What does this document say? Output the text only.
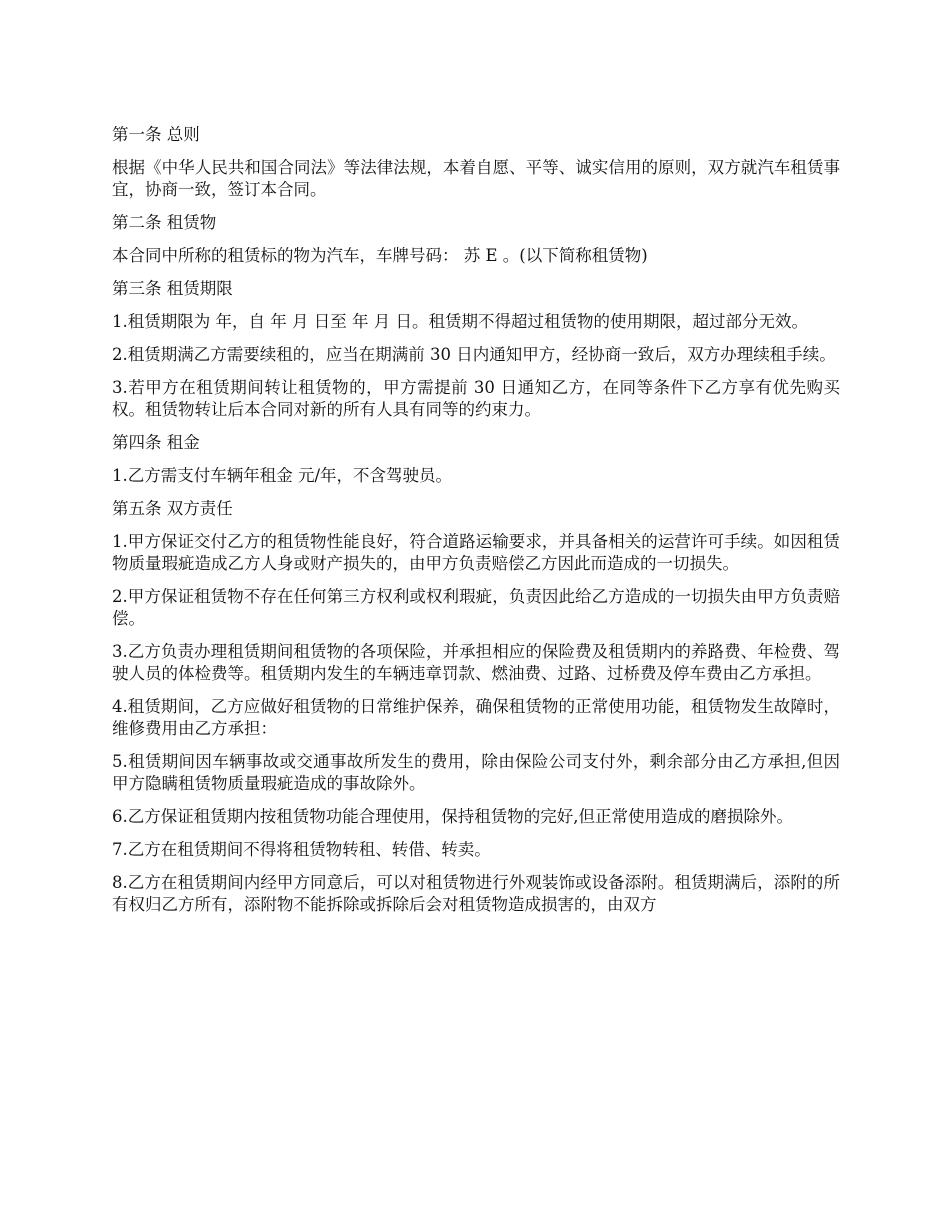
第一条 总则

根据《中华人民共和国合同法》等法律法规，本着自愿、平等、诚实信用的原则，双方就汽车租赁事宜，协商一致，签订本合同。

第二条 租赁物

本合同中所称的租赁标的物为汽车，车牌号码： 苏 E 。(以下简称租赁物)

第三条 租赁期限

1.租赁期限为 年，自 年 月 日至 年 月 日。租赁期不得超过租赁物的使用期限，超过部分无效。

2.租赁期满乙方需要续租的，应当在期满前 30 日内通知甲方，经协商一致后，双方办理续租手续。

3.若甲方在租赁期间转让租赁物的，甲方需提前 30 日通知乙方，在同等条件下乙方享有优先购买权。租赁物转让后本合同对新的所有人具有同等的约束力。

第四条 租金

1.乙方需支付车辆年租金 元/年，不含驾驶员。

第五条 双方责任

1.甲方保证交付乙方的租赁物性能良好，符合道路运输要求，并具备相关的运营许可手续。如因租赁物质量瑕疵造成乙方人身或财产损失的，由甲方负责赔偿乙方因此而造成的一切损失。

2.甲方保证租赁物不存在任何第三方权利或权利瑕疵，负责因此给乙方造成的一切损失由甲方负责赔偿。

3.乙方负责办理租赁期间租赁物的各项保险，并承担相应的保险费及租赁期内的养路费、年检费、驾驶人员的体检费等。租赁期内发生的车辆违章罚款、燃油费、过路、过桥费及停车费由乙方承担。

4.租赁期间，乙方应做好租赁物的日常维护保养，确保租赁物的正常使用功能，租赁物发生故障时，维修费用由乙方承担：

5.租赁期间因车辆事故或交通事故所发生的费用，除由保险公司支付外，剩余部分由乙方承担,但因甲方隐瞒租赁物质量瑕疵造成的事故除外。

6.乙方保证租赁期内按租赁物功能合理使用，保持租赁物的完好,但正常使用造成的磨损除外。

7.乙方在租赁期间不得将租赁物转租、转借、转卖。

8.乙方在租赁期间内经甲方同意后，可以对租赁物进行外观装饰或设备添附。租赁期满后，添附的所有权归乙方所有，添附物不能拆除或拆除后会对租赁物造成损害的，由双方
